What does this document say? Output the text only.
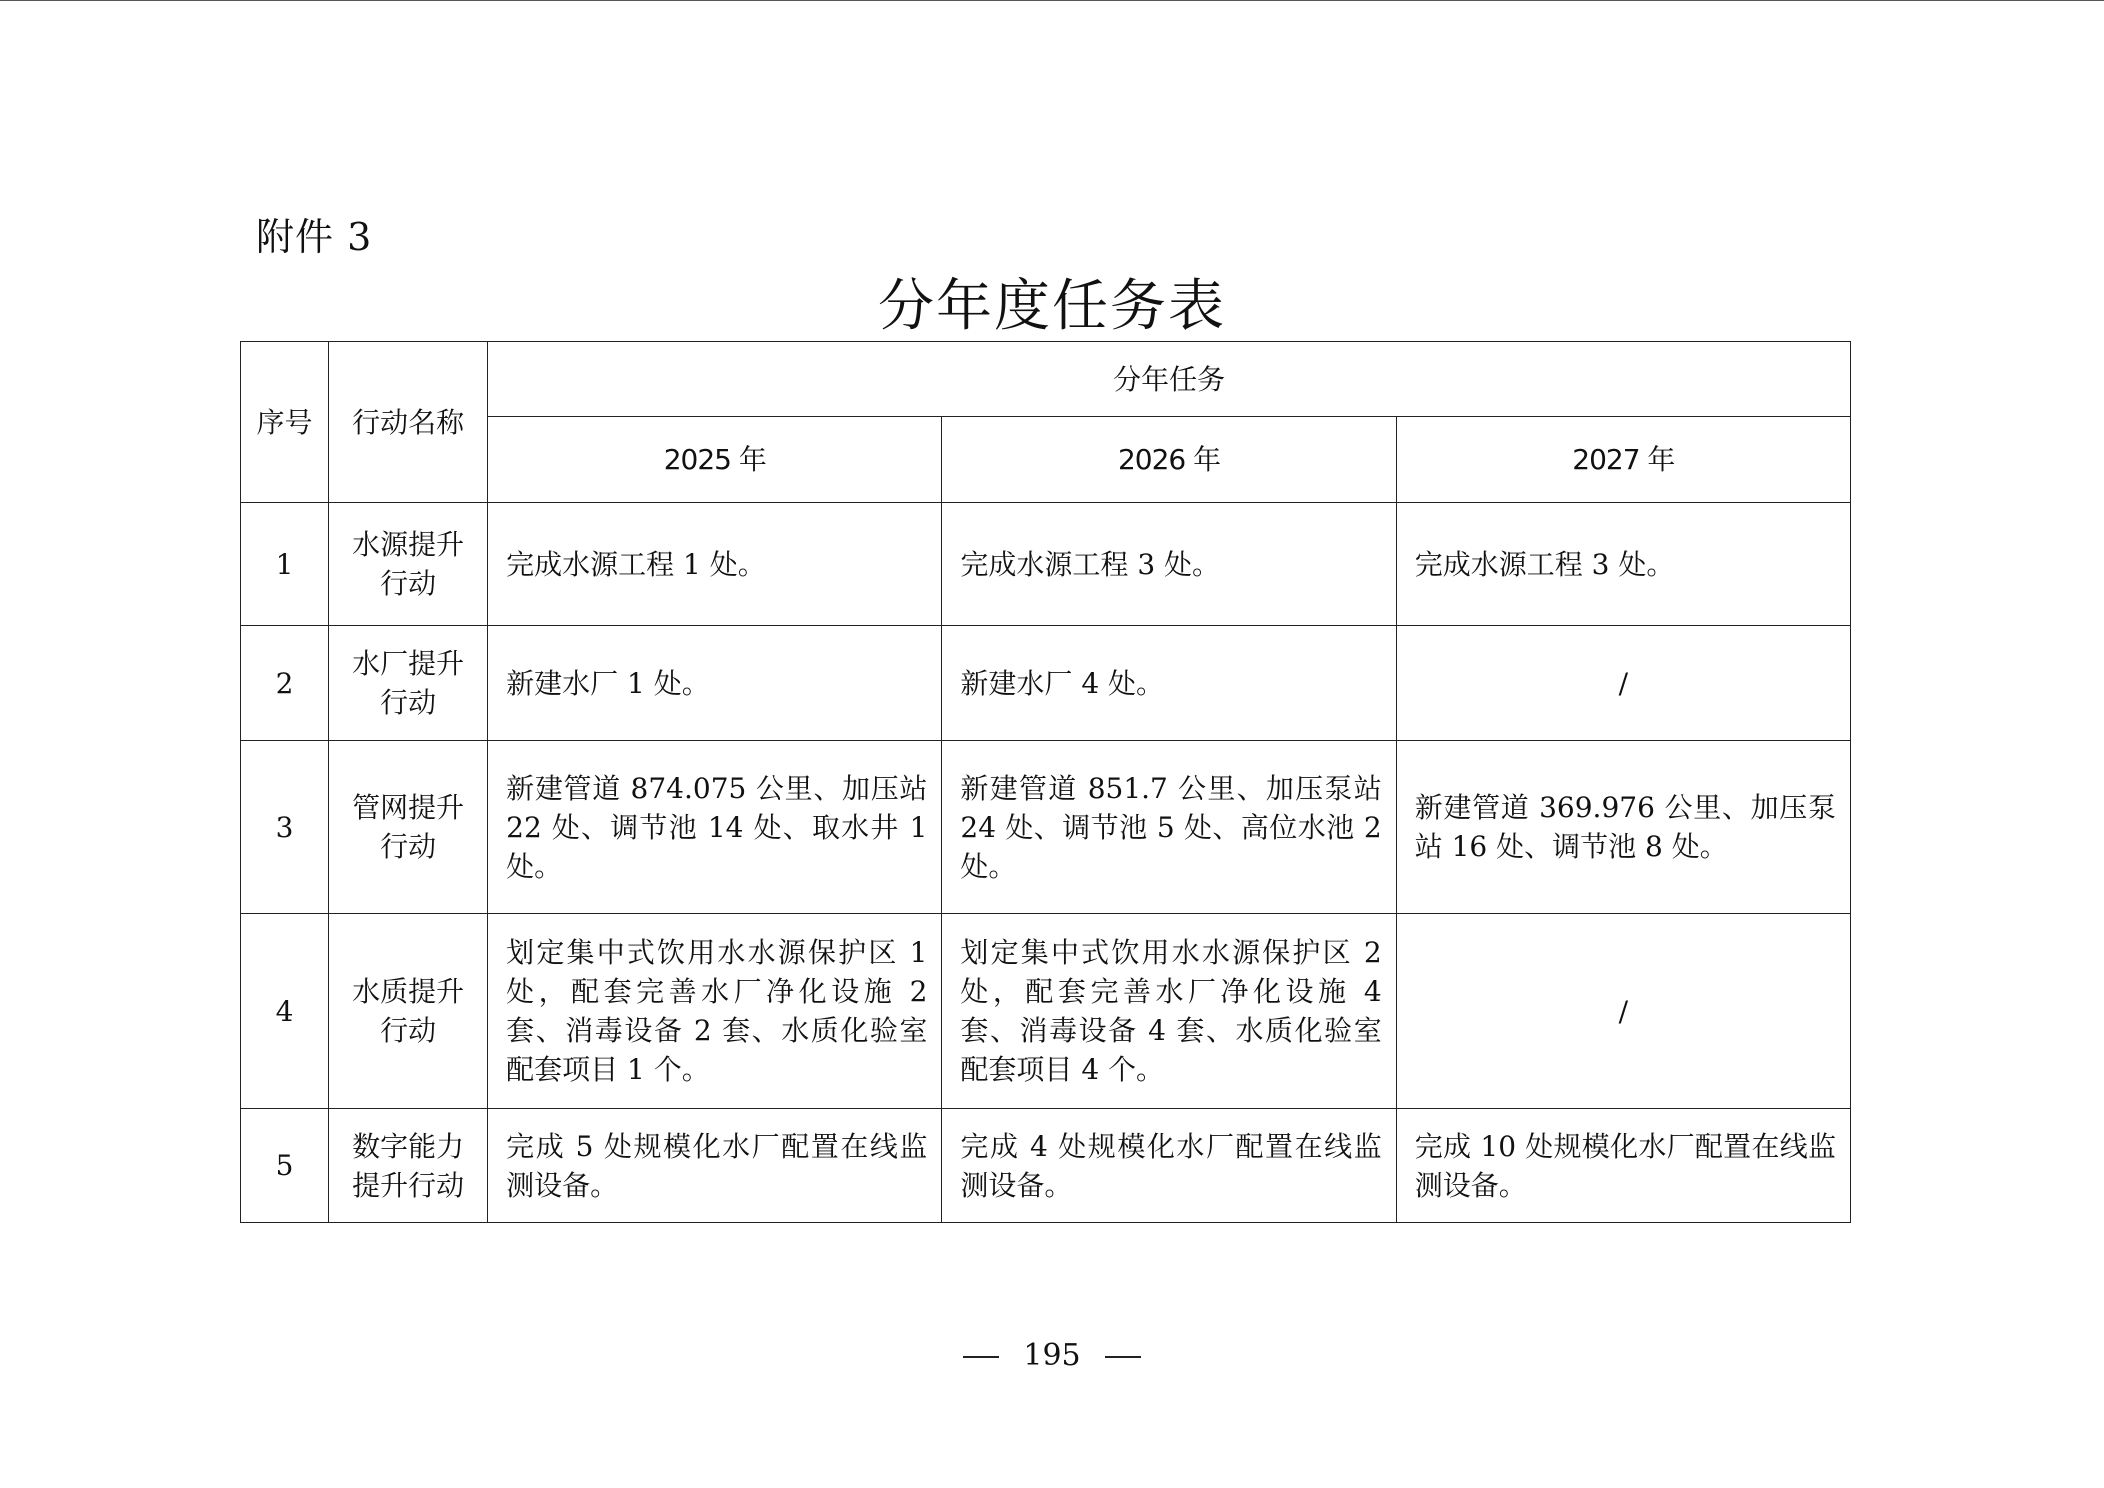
附件 3
分年度任务表
序号	行动名称	分年任务		
		2025 年	2026 年	2027 年
1	水源提升行动	完成水源工程 1 处。	完成水源工程 3 处。	完成水源工程 3 处。
2	水厂提升行动	新建水厂 1 处。	新建水厂 4 处。	/
3	管网提升行动	新建管道 874.075 公里、加压站 22 处、调节池 14 处、取水井 1 处。	新建管道 851.7 公里、加压泵站 24 处、调节池 5 处、高位水池 2 处。	新建管道 369.976 公里、加压泵站 16 处、调节池 8 处。
4	水质提升行动	划定集中式饮用水水源保护区 1 处，配套完善水厂净化设施 2 套、消毒设备 2 套、水质化验室配套项目 1 个。	划定集中式饮用水水源保护区 2 处，配套完善水厂净化设施 4 套、消毒设备 4 套、水质化验室配套项目 4 个。	/
5	数字能力提升行动	完成 5 处规模化水厂配置在线监测设备。	完成 4 处规模化水厂配置在线监测设备。	完成 10 处规模化水厂配置在线监测设备。
195
